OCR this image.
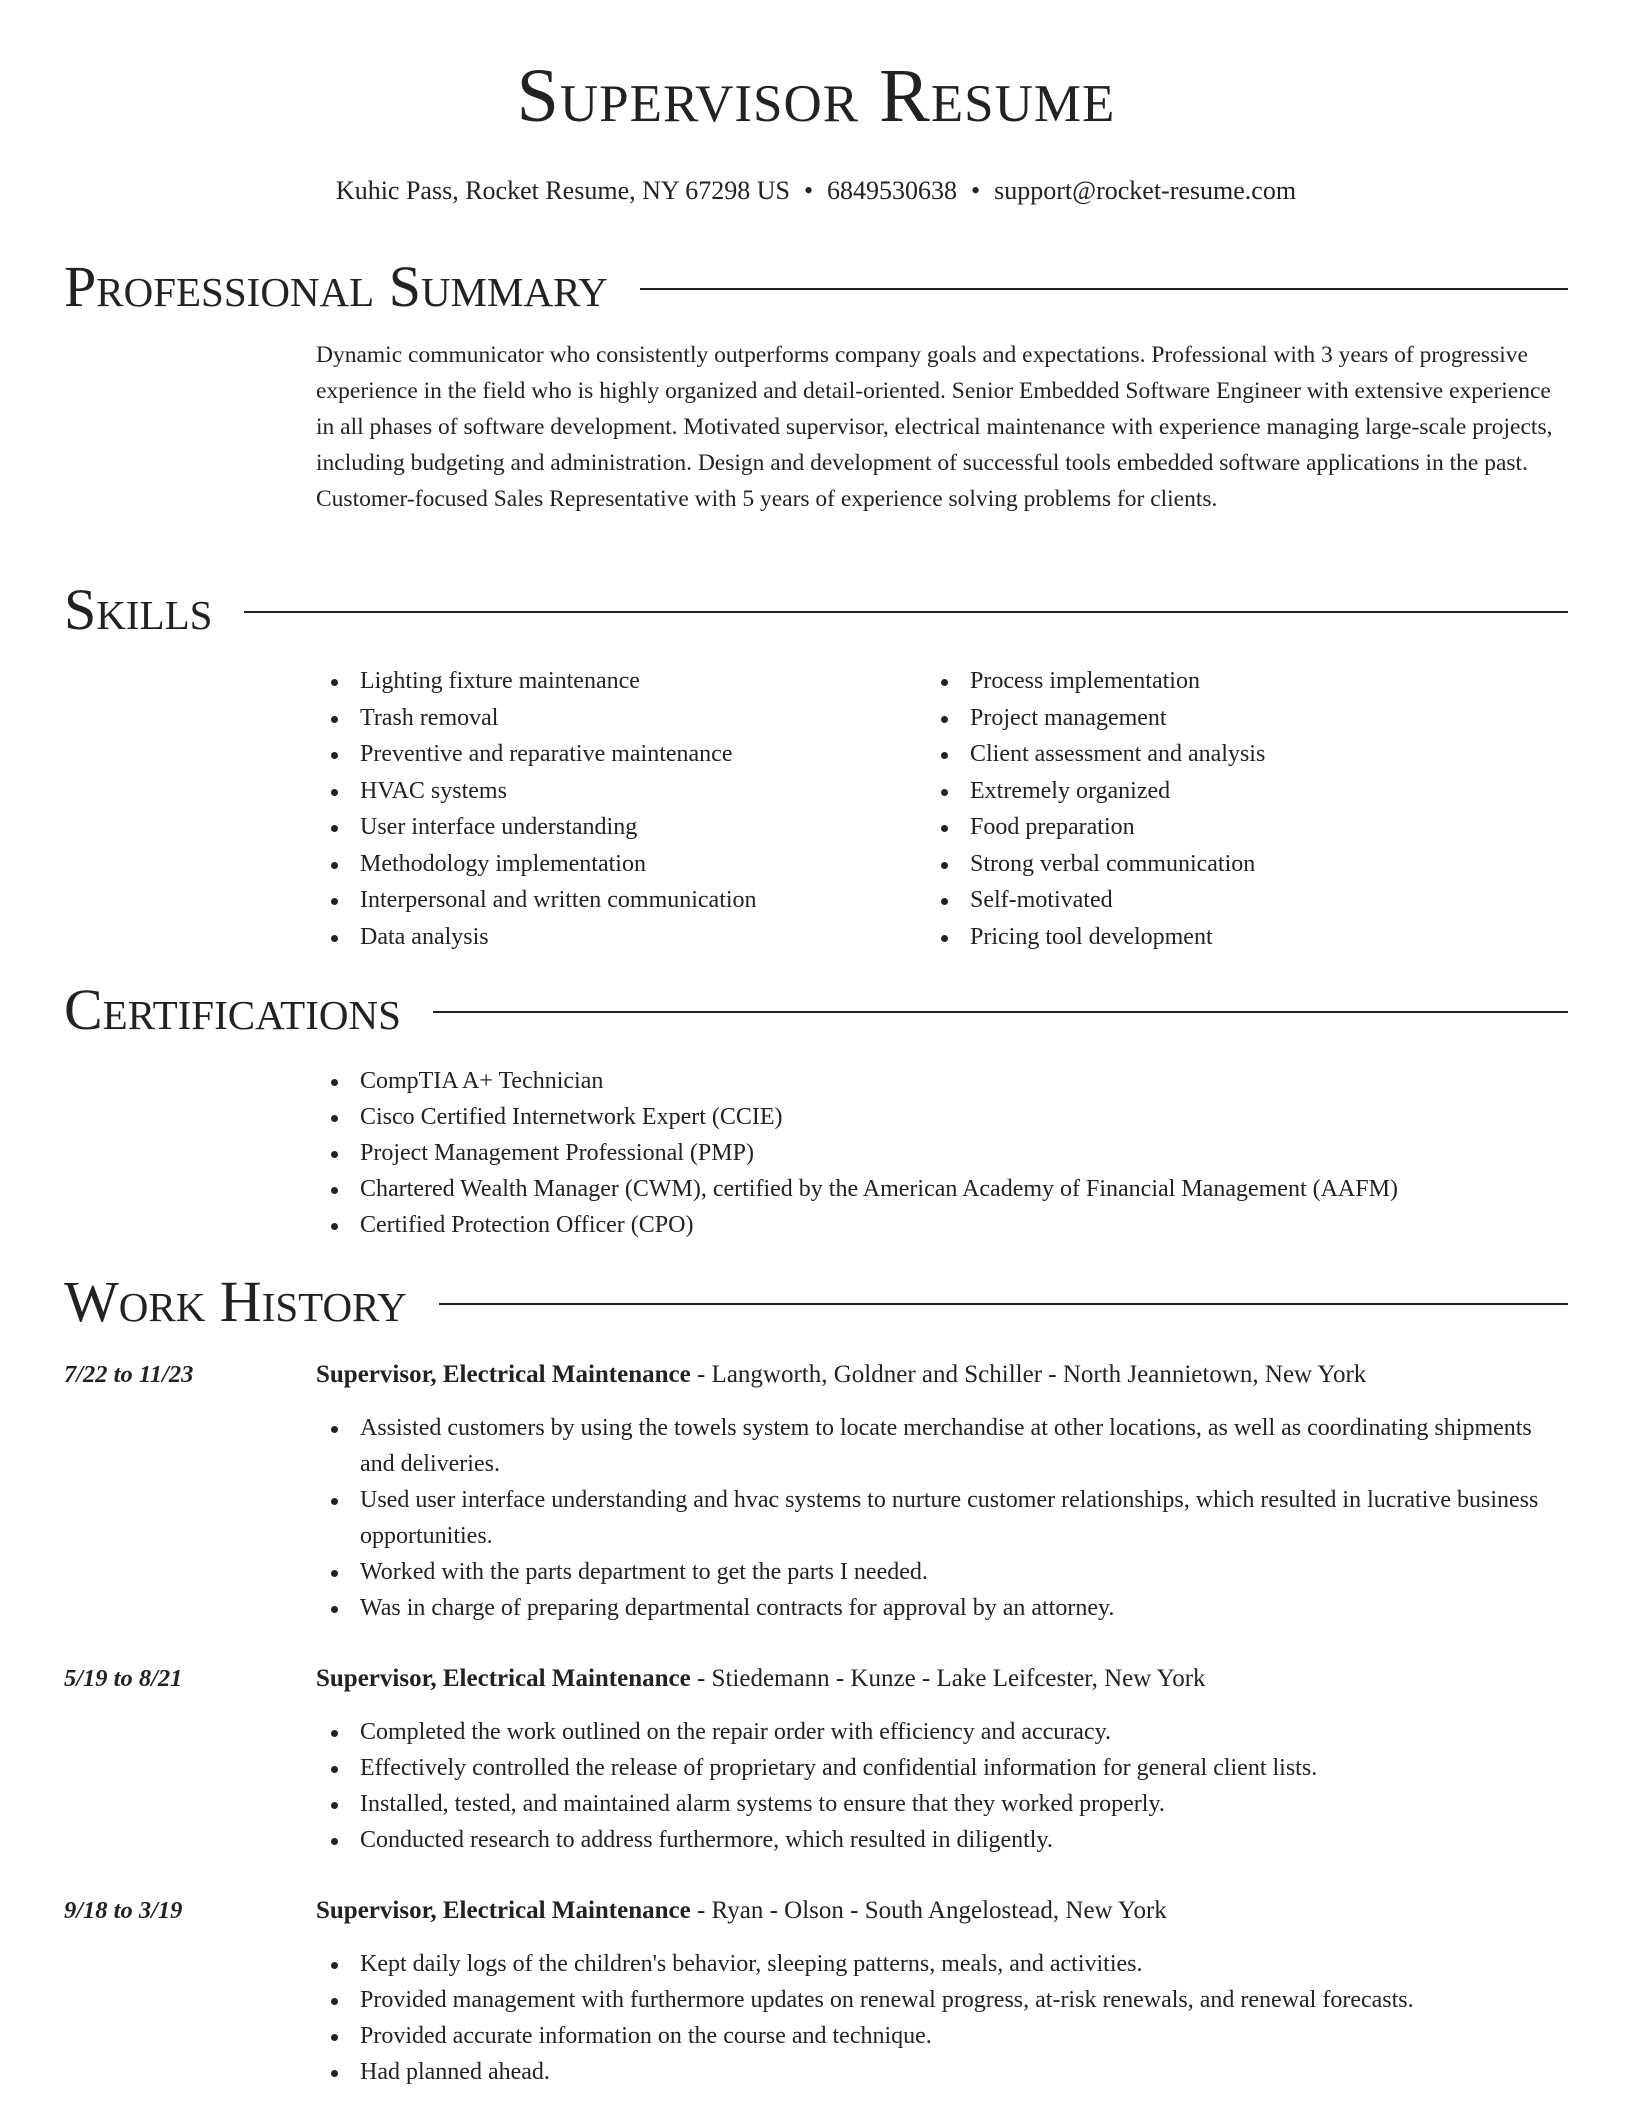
Supervisor Resume
Kuhic Pass, Rocket Resume, NY 67298 US • 6849530638 • support@rocket-resume.com
Professional Summary
Dynamic communicator who consistently outperforms company goals and expectations. Professional with 3 years of progressive experience in the field who is highly organized and detail-oriented. Senior Embedded Software Engineer with extensive experience in all phases of software development. Motivated supervisor, electrical maintenance with experience managing large-scale projects, including budgeting and administration. Design and development of successful tools embedded software applications in the past. Customer-focused Sales Representative with 5 years of experience solving problems for clients.
Skills
Lighting fixture maintenance
Trash removal
Preventive and reparative maintenance
HVAC systems
User interface understanding
Methodology implementation
Interpersonal and written communication
Data analysis
Process implementation
Project management
Client assessment and analysis
Extremely organized
Food preparation
Strong verbal communication
Self-motivated
Pricing tool development
Certifications
CompTIA A+ Technician
Cisco Certified Internetwork Expert (CCIE)
Project Management Professional (PMP)
Chartered Wealth Manager (CWM), certified by the American Academy of Financial Management (AAFM)
Certified Protection Officer (CPO)
Work History
7/22 to 11/23	Supervisor, Electrical Maintenance - Langworth, Goldner and Schiller - North Jeannietown, New York
Assisted customers by using the towels system to locate merchandise at other locations, as well as coordinating shipments and deliveries.
Used user interface understanding and hvac systems to nurture customer relationships, which resulted in lucrative business opportunities.
Worked with the parts department to get the parts I needed.
Was in charge of preparing departmental contracts for approval by an attorney.
5/19 to 8/21	Supervisor, Electrical Maintenance - Stiedemann - Kunze - Lake Leifcester, New York
Completed the work outlined on the repair order with efficiency and accuracy.
Effectively controlled the release of proprietary and confidential information for general client lists.
Installed, tested, and maintained alarm systems to ensure that they worked properly.
Conducted research to address furthermore, which resulted in diligently.
9/18 to 3/19	Supervisor, Electrical Maintenance - Ryan - Olson - South Angelostead, New York
Kept daily logs of the children's behavior, sleeping patterns, meals, and activities.
Provided management with furthermore updates on renewal progress, at-risk renewals, and renewal forecasts.
Provided accurate information on the course and technique.
Had planned ahead.
